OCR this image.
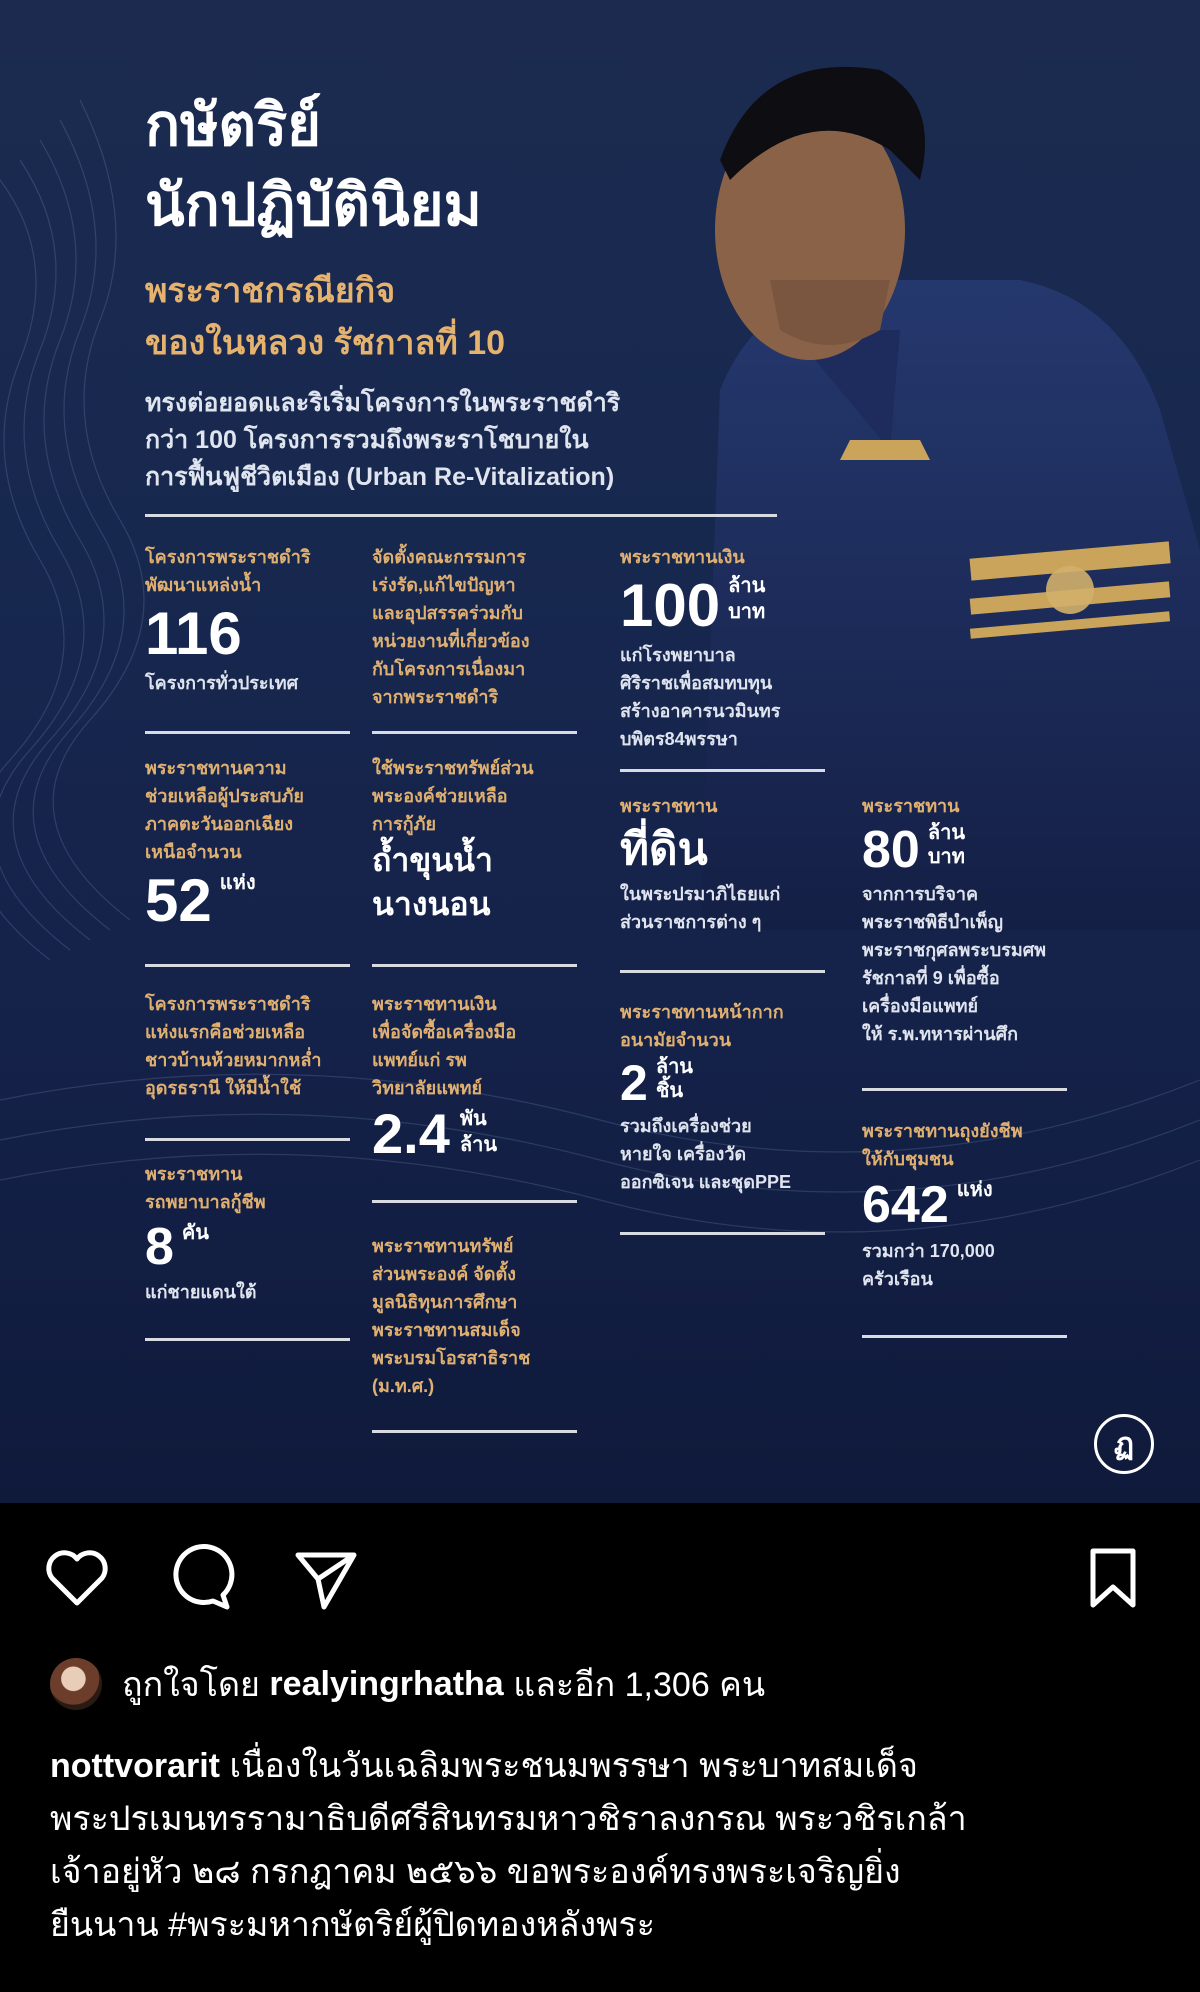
กษัตริย์
นักปฏิบัตินิยม
พระราชกรณียกิจ
ของในหลวง รัชกาลที่ 10
ทรงต่อยอดและริเริ่มโครงการในพระราชดำริ
กว่า 100 โครงการรวมถึงพระราโชบายใน
การฟื้นฟูชีวิตเมือง (Urban Re-Vitalization)
โครงการพระราชดำริ
พัฒนาแหล่งน้ำ
116
โครงการทั่วประเทศ
พระราชทานความ
ช่วยเหลือผู้ประสบภัย
ภาคตะวันออกเฉียง
เหนือจำนวน
52 แห่ง
โครงการพระราชดำริ
แห่งแรกคือช่วยเหลือ
ชาวบ้านห้วยหมากหล่ำ
อุดรธรานี ให้มีน้ำใช้
พระราชทาน
รถพยาบาลกู้ชีพ
8 คัน
แก่ชายแดนใต้
จัดตั้งคณะกรรมการ
เร่งรัด,แก้ไขปัญหา
และอุปสรรคร่วมกับ
หน่วยงานที่เกี่ยวข้อง
กับโครงการเนื่องมา
จากพระราชดำริ
ใช้พระราชทรัพย์ส่วน
พระองค์ช่วยเหลือ
การกู้ภัย
ถ้ำขุนน้ำ
นางนอน
พระราชทานเงิน
เพื่อจัดซื้อเครื่องมือ
แพทย์แก่ รพ
วิทยาลัยแพทย์
2.4 พัน
ล้าน
พระราชทานทรัพย์
ส่วนพระองค์ จัดตั้ง
มูลนิธิทุนการศึกษา
พระราชทานสมเด็จ
พระบรมโอรสาธิราช
(ม.ท.ศ.)
พระราชทานเงิน
100 ล้าน
บาท
แก่โรงพยาบาล
ศิริราชเพื่อสมทบทุน
สร้างอาคารนวมินทร
บพิตร84พรรษา
พระราชทาน
ที่ดิน
ในพระปรมาภิไธยแก่
ส่วนราชการต่าง ๆ
พระราชทานหน้ากาก
อนามัยจำนวน
2 ล้าน
ชิ้น
รวมถึงเครื่องช่วย
หายใจ เครื่องวัด
ออกซิเจน และชุดPPE
พระราชทาน
80 ล้าน
บาท
จากการบริจาค
พระราชพิธีบำเพ็ญ
พระราชกุศลพระบรมศพ
รัชกาลที่ 9 เพื่อซื้อ
เครื่องมือแพทย์
ให้ ร.พ.ทหารผ่านศึก
พระราชทานถุงยังชีพ
ให้กับชุมชน
642 แห่ง
รวมกว่า 170,000
ครัวเรือน
ฏ
ถูกใจโดย
realyingrhatha
และอีก 1,306 คน
nottvorarit เนื่องในวันเฉลิมพระชนมพรรษา พระบาทสมเด็จ
พระปรเมนทรรามาธิบดีศรีสินทรมหาวชิราลงกรณ พระวชิรเกล้า
เจ้าอยู่หัว ๒๘ กรกฎาคม ๒๕๖๖ ขอพระองค์ทรงพระเจริญยิ่ง
ยืนนาน #พระมหากษัตริย์ผู้ปิดทองหลังพระ
